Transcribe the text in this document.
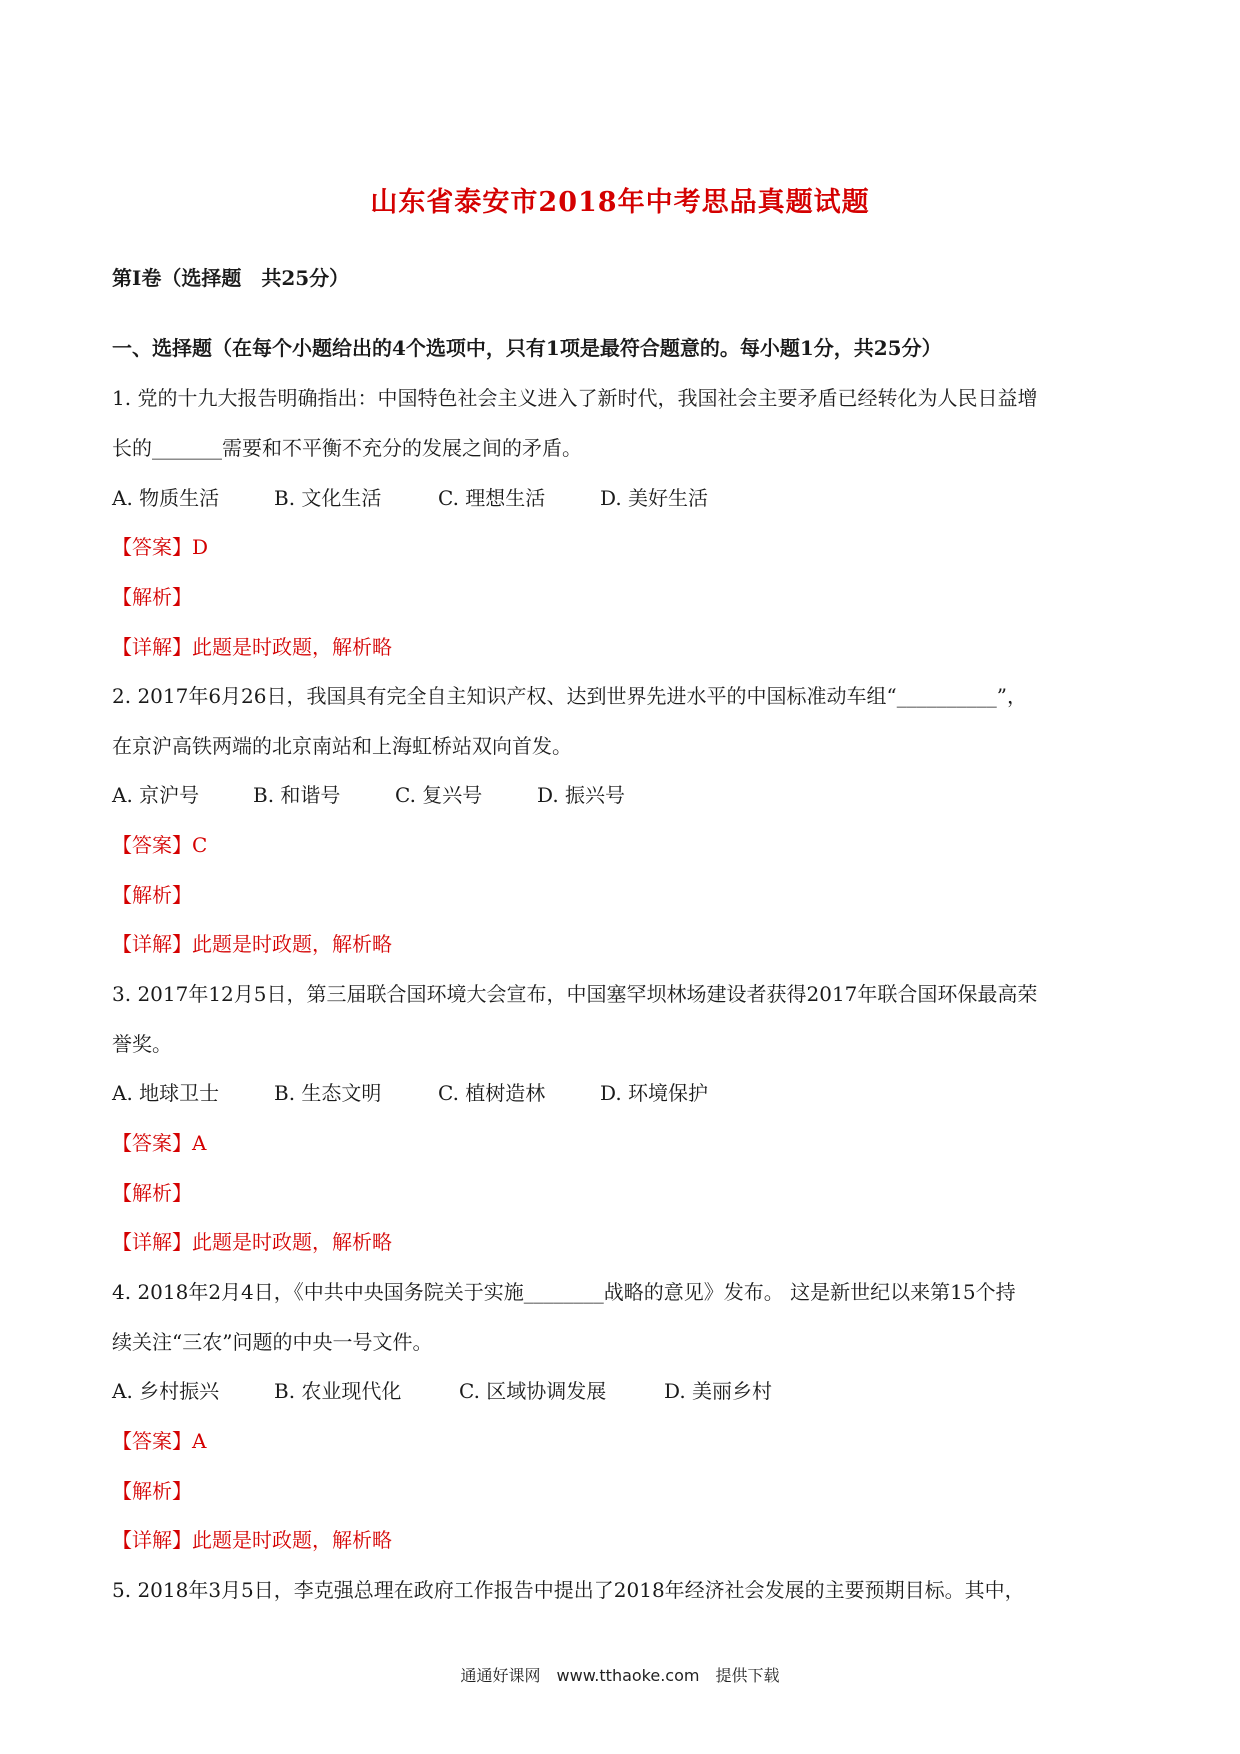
山东省泰安市2018年中考思品真题试题
第Ⅰ卷（选择题　共25分）
一、选择题（在每个小题给出的4个选项中，只有1项是最符合题意的。每小题1分，共25分）
1. 党的十九大报告明确指出：中国特色社会主义进入了新时代，我国社会主要矛盾已经转化为人民日益增
长的_______需要和不平衡不充分的发展之间的矛盾。
A. 物质生活	B. 文化生活	C. 理想生活	D. 美好生活
【答案】D
【解析】
【详解】此题是时政题，解析略
2. 2017年6月26日，我国具有完全自主知识产权、达到世界先进水平的中国标准动车组“__________”，
在京沪高铁两端的北京南站和上海虹桥站双向首发。
A. 京沪号	B. 和谐号	C. 复兴号	D. 振兴号
【答案】C
【解析】
【详解】此题是时政题，解析略
3. 2017年12月5日，第三届联合国环境大会宣布，中国塞罕坝林场建设者获得2017年联合国环保最高荣
誉奖。
A. 地球卫士	B. 生态文明	C. 植树造林	D. 环境保护
【答案】A
【解析】
【详解】此题是时政题，解析略
4. 2018年2月4日，《中共中央国务院关于实施________战略的意见》发布。 这是新世纪以来第15个持
续关注“三农”问题的中央一号文件。
A. 乡村振兴	B. 农业现代化	C. 区域协调发展	D. 美丽乡村
【答案】A
【解析】
【详解】此题是时政题，解析略
5. 2018年3月5日，李克强总理在政府工作报告中提出了2018年经济社会发展的主要预期目标。其中，
通通好课网　www.tthaoke.com　提供下载
